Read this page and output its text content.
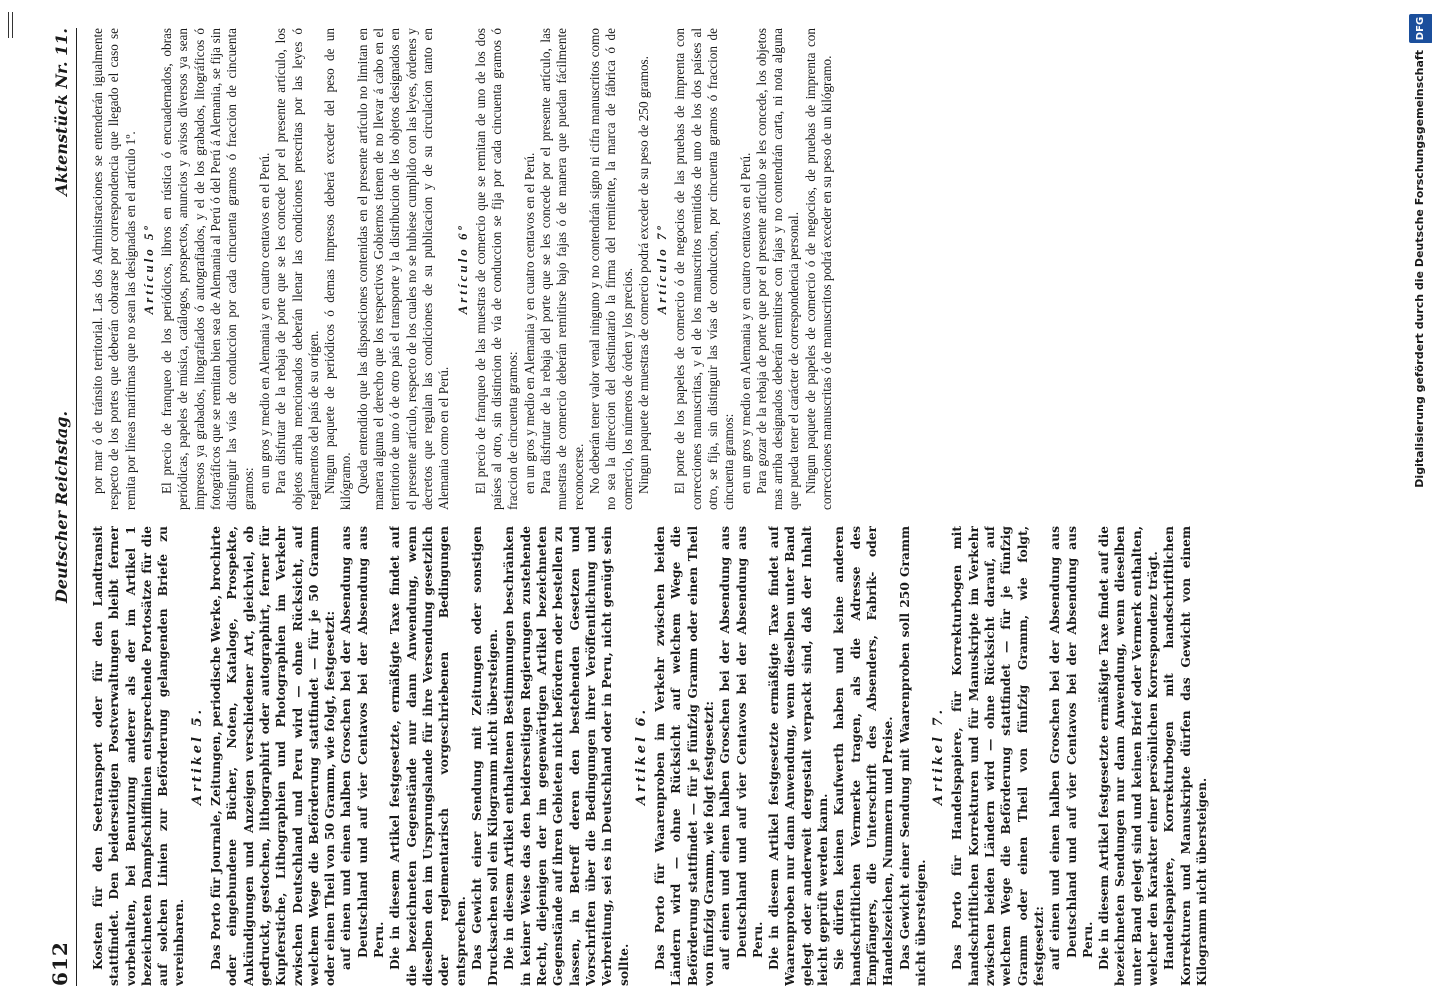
612
Deutscher Reichstag.
Aktenstück Nr. 11.

Kosten für den Seetransport oder für den Landtransit stattfindet. Den beiderseitigen Postverwaltungen bleibt ferner vorbehalten, bei Benutzung anderer als der im Artikel 1 bezeichneten Dampfschifflinien entsprechende Portosätze für die auf solchen Linien zur Beförderung gelangenden Briefe zu vereinbaren.

Artikel 5. Das Porto für Journale, Zeitungen, periodische Werke, brochirte oder eingebundene Bücher, Noten, Kataloge, Prospekte, Ankündigungen und Anzeigen verschiedener Art, gleichviel, ob gedruckt, gestochen, lithographirt oder autographirt, ferner für Kupferstiche, Lithographien und Photographien im Verkehr zwischen Deutschland und Peru wird — ohne Rücksicht, auf welchem Wege die Beförderung stattfindet — für je 50 Gramm oder einen Theil von 50 Gramm, wie folgt, festgesetzt: auf einen und einen halben Groschen bei der Absendung aus Deutschland und auf vier Centavos bei der Absendung aus Peru. Die in diesem Artikel festgesetzte, ermäßigte Taxe findet auf die bezeichneten Gegenstände nur dann Anwendung, wenn dieselben den im Ursprungslande für ihre Versendung gesetzlich oder reglementarisch vorgeschriebenen Bedingungen entsprechen. Das Gewicht einer Sendung mit Zeitungen oder sonstigen Drucksachen soll ein Kilogramm nicht übersteigen. Die in diesem Artikel enthaltenen Bestimmungen beschränken in keiner Weise das den beiderseitigen Regierungen zustehende Recht, diejenigen der im gegenwärtigen Artikel bezeichneten Gegenstände auf ihren Gebieten nicht befördern oder bestellen zu lassen, in Betreff deren den bestehenden Gesetzen und Vorschriften über die Bedingungen ihrer Veröffentlichung und Verbreitung, sei es in Deutschland oder in Peru, nicht genügt sein sollte.

Artikel 6. Das Porto für Waarenproben im Verkehr zwischen beiden Ländern wird — ohne Rücksicht auf welchem Wege die Beförderung stattfindet — für je fünfzig Gramm oder einen Theil von fünfzig Gramm, wie folgt festgesetzt: auf einen und einen halben Groschen bei der Absendung aus Deutschland und auf vier Centavos bei der Absendung aus Peru. Die in diesem Artikel festgesetzte ermäßigte Taxe findet auf Waarenproben nur dann Anwendung, wenn dieselben unter Band gelegt oder anderweit dergestalt verpackt sind, daß der Inhalt leicht geprüft werden kann. Sie dürfen keinen Kaufwerth haben und keine anderen handschriftlichen Vermerke tragen, als die Adresse des Empfängers, die Unterschrift des Absenders, Fabrik- oder Handelszeichen, Nummern und Preise. Das Gewicht einer Sendung mit Waarenproben soll 250 Gramm nicht übersteigen.

Artikel 7. Das Porto für Handelspapiere, für Korrekturbogen mit handschriftlichen Korrekturen und für Manuskripte im Verkehr zwischen beiden Ländern wird — ohne Rücksicht darauf, auf welchem Wege die Beförderung stattfindet — für je fünfzig Gramm oder einen Theil von fünfzig Gramm, wie folgt, festgesetzt: auf einen und einen halben Groschen bei der Absendung aus Deutschland und auf vier Centavos bei der Absendung aus Peru. Die in diesem Artikel festgesetzte ermäßigte Taxe findet auf die bezeichneten Sendungen nur dann Anwendung, wenn dieselben unter Band gelegt sind und keinen Brief oder Vermerk enthalten, welcher den Karakter einer persönlichen Korrespondenz trägt. Handelspapiere, Korrekturbogen mit handschriftlichen Korrekturen und Manuskripte dürfen das Gewicht von einem Kilogramm nicht übersteigen.

por mar ó de tránsito territorial. Las dos Administraciones se entenderán igualmente respecto de los portes que deberán cobrarse por correspondencia que llegado el caso se remita por líneas marítimas que no sean las designadas en el artículo 1º. Artículo 5º El precio de franqueo de los periódicos, libros en rústica ó encuadernados, obras periódicas, papeles de música, catálogos, prospectos, anuncios y avisos diversos ya sean impresos ya grabados, litografiados ó autografiados, y el de los grabados, litográficos ó fotográficos que se remitan bien sea de Alemania al Perú ó del Perú á Alemania, se fija sin distinguir las vías de conduccion por cada cincuenta gramos ó fraccion de cincuenta gramos: en un gros y medio en Alemania y en cuatro centavos en el Perú. Para disfrutar de la rebaja de porte que se les concede por el presente artículo, los objetos arriba mencionados deberán llenar las condiciones prescritas por las leyes ó reglamentos del país de su orígen. Ningun paquete de periódicos ó demas impresos deberá exceder del peso de un kilógramo. Queda entendido que las disposiciones contenidas en el presente artículo no limitan en manera alguna el derecho que los respectivos Gobiernos tienen de no llevar á cabo en el territorio de uno ó de otro país el transporte y la distribucion de los objetos designados en el presente artículo, respecto de los cuales no se hubiese cumplido con las leyes, órdenes y decretos que regulan las condiciones de su publicacion y de su circulacion tanto en Alemania como en el Perú.

Artículo 6º El precio de franqueo de las muestras de comercio que se remitan de uno de los dos países al otro, sin distincion de vía de conduccion se fija por cada cincuenta gramos ó fraccion de cincuenta gramos: en un gros y medio en Alemania y en cuatro centavos en el Perú. Para disfrutar de la rebaja del porte que se les concede por el presente artículo, las muestras de comercio deberán remitirse bajo fajas ó de manera que puedan fácilmente reconocerse. No deberán tener valor venal ninguno y no contendrán signo ni cifra manuscritos como no sea la direccion del destinatario la firma del remitente, la marca de fábrica ó de comercio, los números de órden y los precios. Ningun paquete de muestras de comercio podrá exceder de su peso de 250 gramos. Artículo 7º El porte de los papeles de comercio ó de negocios de las pruebas de imprenta con correcciones manuscritas, y el de los manuscritos remitidos de uno de los dos países al otro, se fija, sin distinguir las vías de conduccion, por cincuenta gramos ó fraccion de cincuenta gramos: en un gros y medio en Alemania y en cuatro centavos en el Perú. Para gozar de la rebaja de porte que por el presente artículo se les concede, los objetos mas arriba designados deberán remitirse con fajas y no contendrán carta, ni nota alguna que pueda tener el carácter de correspondencia personal. Ningun paquete de papeles de comercio ó de negocios, de pruebas de imprenta con correcciones manuscritas ó de manuscritos podrá exceder en su peso de un kilógramo.	Digitalisierung gefördert durch die Deutsche Forschungsgemeinschaft DFG
